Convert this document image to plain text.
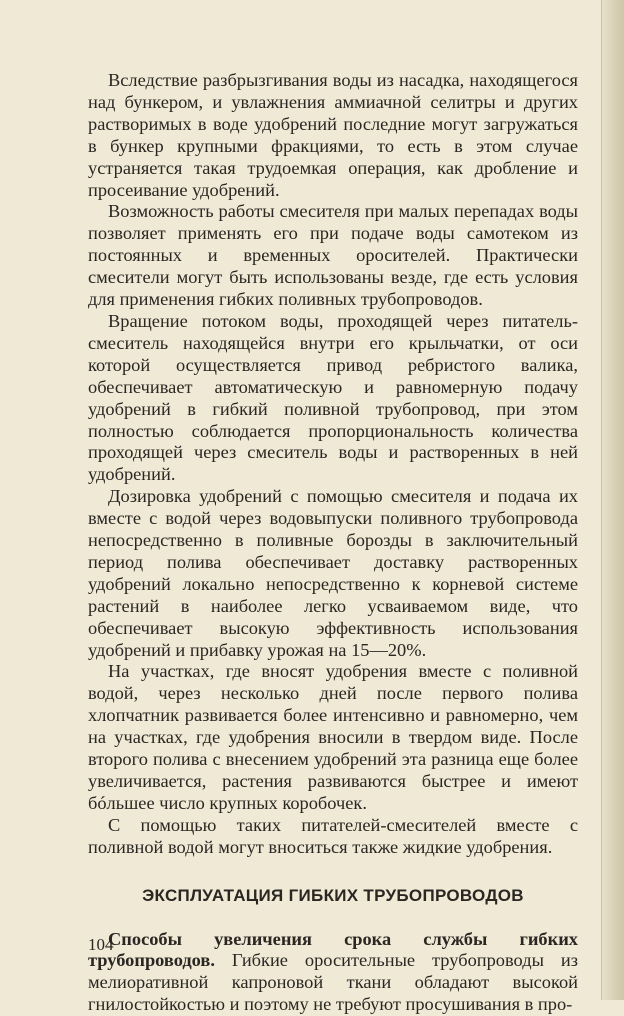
Вследствие разбрызгивания воды из насадка, находящегося над бункером, и увлажнения аммиачной селитры и других растворимых в воде удобрений последние могут загружаться в бункер крупными фракциями, то есть в этом случае устраняется такая трудоемкая операция, как дробление и просеивание удобрений.

Возможность работы смесителя при малых перепадах воды позволяет применять его при подаче воды самотеком из постоянных и временных оросителей. Практически смесители могут быть использованы везде, где есть условия для применения гибких поливных трубопроводов.

Вращение потоком воды, проходящей через питатель-смеситель находящейся внутри его крыльчатки, от оси которой осуществляется привод ребристого валика, обеспечивает автоматическую и равномерную подачу удобрений в гибкий поливной трубопровод, при этом полностью соблюдается пропорциональность количества проходящей через смеситель воды и растворенных в ней удобрений.

Дозировка удобрений с помощью смесителя и подача их вместе с водой через водовыпуски поливного трубопровода непосредственно в поливные борозды в заключительный период полива обеспечивает доставку растворенных удобрений локально непосредственно к корневой системе растений в наиболее легко усваиваемом виде, что обеспечивает высокую эффективность использования удобрений и прибавку урожая на 15—20%.

На участках, где вносят удобрения вместе с поливной водой, через несколько дней после первого полива хлопчатник развивается более интенсивно и равномерно, чем на участках, где удобрения вносили в твердом виде. После второго полива с внесением удобрений эта разница еще более увеличивается, растения развиваются быстрее и имеют бóльшее число крупных коробочек.

С помощью таких питателей-смесителей вместе с поливной водой могут вноситься также жидкие удобрения.

ЭКСПЛУАТАЦИЯ ГИБКИХ ТРУБОПРОВОДОВ

Способы увеличения срока службы гибких трубопроводов. Гибкие оросительные трубопроводы из мелиоративной капроновой ткани обладают высокой гнилостойкостью и поэтому не требуют просушивания в про-

104
